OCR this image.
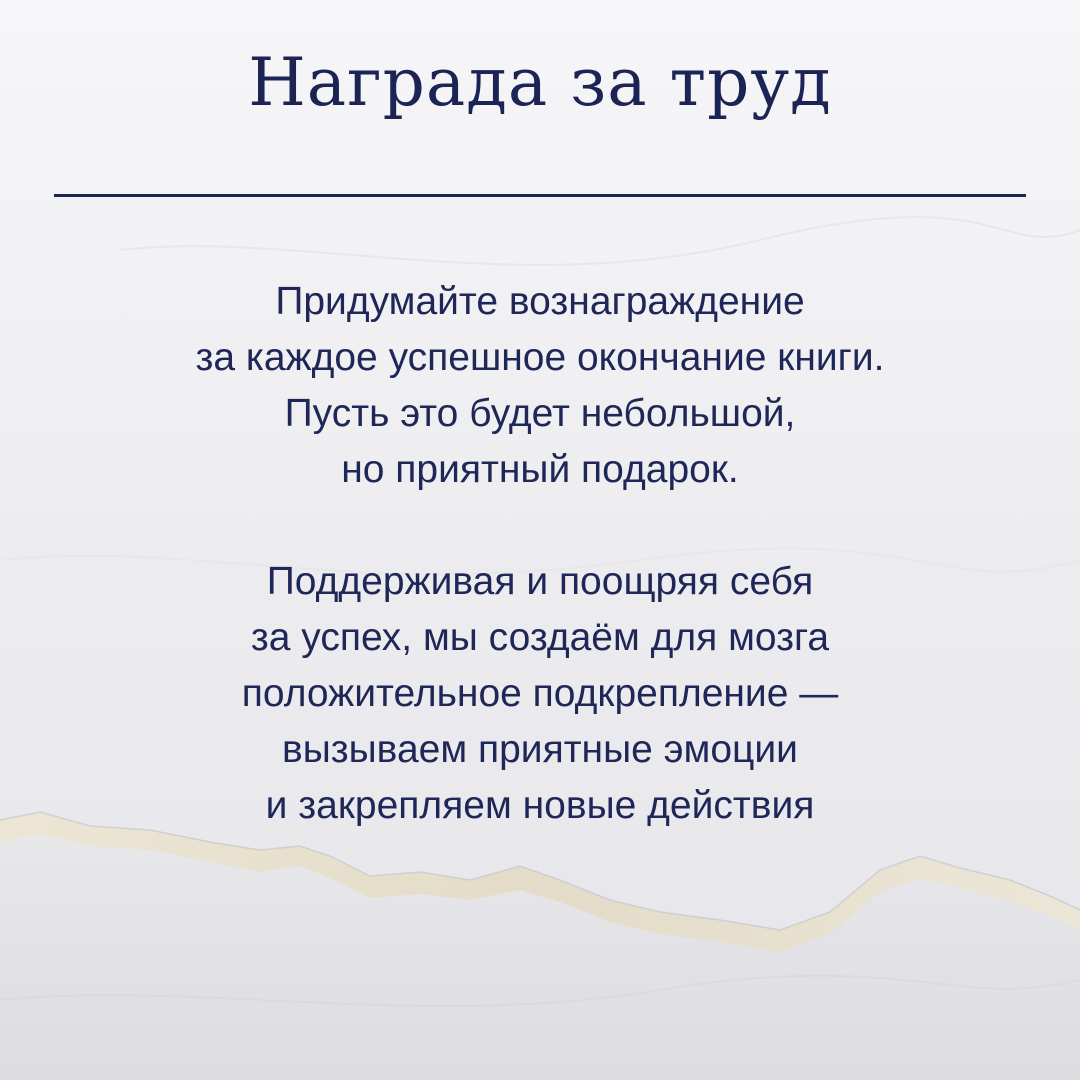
Награда за труд
Придумайте вознаграждение
за каждое успешное окончание книги.
Пусть это будет небольшой,
но приятный подарок.
Поддерживая и поощряя себя
за успех, мы создаём для мозга
положительное подкрепление —
вызываем приятные эмоции
и закрепляем новые действия
